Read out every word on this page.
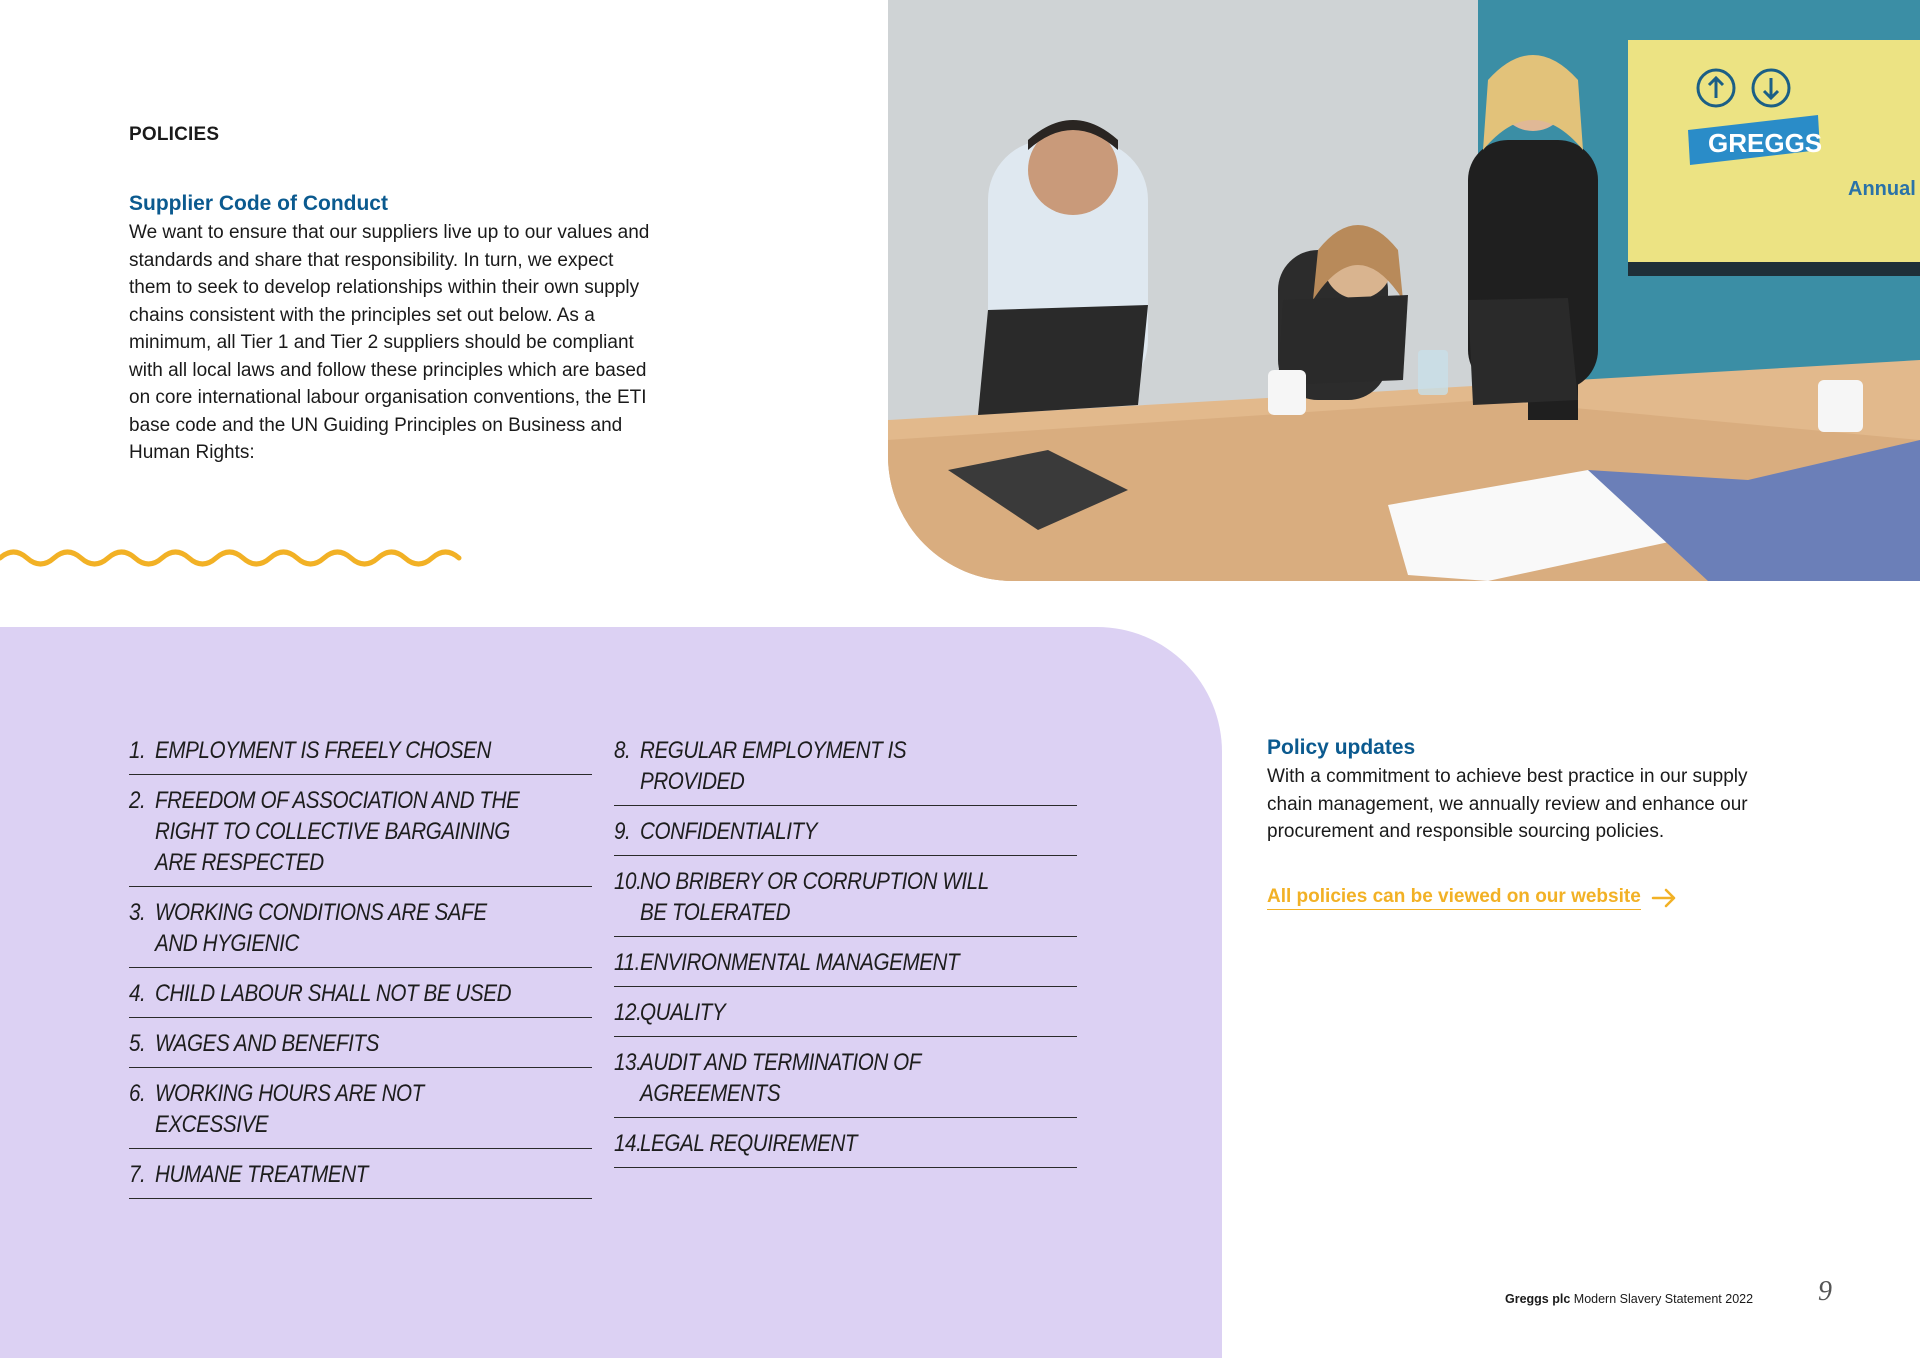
POLICIES
Supplier Code of Conduct
We want to ensure that our suppliers live up to our values and standards and share that responsibility. In turn, we expect them to seek to develop relationships within their own supply chains consistent with the principles set out below. As a minimum, all Tier 1 and Tier 2 suppliers should be compliant with all local laws and follow these principles which are based on core international labour organisation conventions, the ETI base code and the UN Guiding Principles on Business and Human Rights:
GREGGS
Annual
1. EMPLOYMENT IS FREELY CHOSEN
2. FREEDOM OF ASSOCIATION AND THE RIGHT TO COLLECTIVE BARGAINING ARE RESPECTED
3. WORKING CONDITIONS ARE SAFE AND HYGIENIC
4. CHILD LABOUR SHALL NOT BE USED
5. WAGES AND BENEFITS
6. WORKING HOURS ARE NOT EXCESSIVE
7. HUMANE TREATMENT
8. REGULAR EMPLOYMENT IS PROVIDED
9. CONFIDENTIALITY
10.
NO BRIBERY OR CORRUPTION WILL BE TOLERATED
11. ENVIRONMENTAL MANAGEMENT
12.
QUALITY
13.
AUDIT AND TERMINATION OF AGREEMENTS
14.
LEGAL REQUIREMENT
Policy updates
With a commitment to achieve best practice in our supply chain management, we annually review and enhance our procurement and responsible sourcing policies.
All policies can be viewed on our website
Greggs plc Modern Slavery Statement 2022 9
